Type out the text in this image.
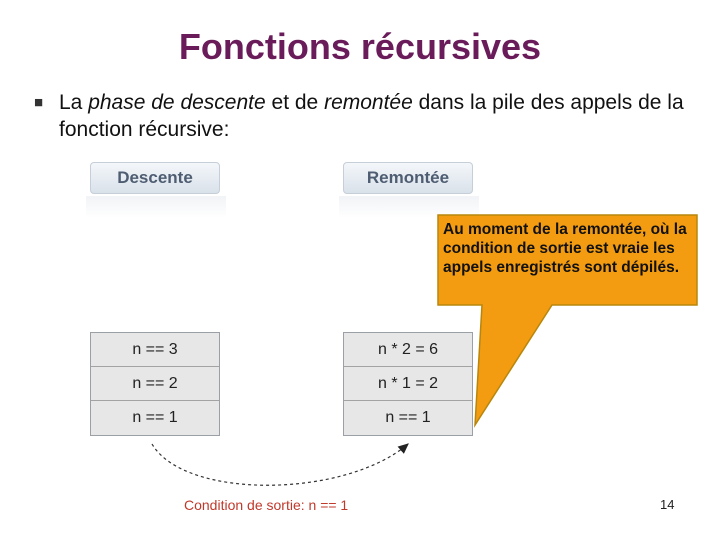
Fonctions récursives
■ La phase de descente et de remontée dans la pile des appels de la fonction récursive:
Descente	Remontée
n == 3
n == 2
n == 1
n * 2 = 6
n * 1 = 2
n == 1
Au moment de la remontée, où la condition de sortie est vraie les appels enregistrés sont dépilés.
Condition de sortie: n == 1	14
